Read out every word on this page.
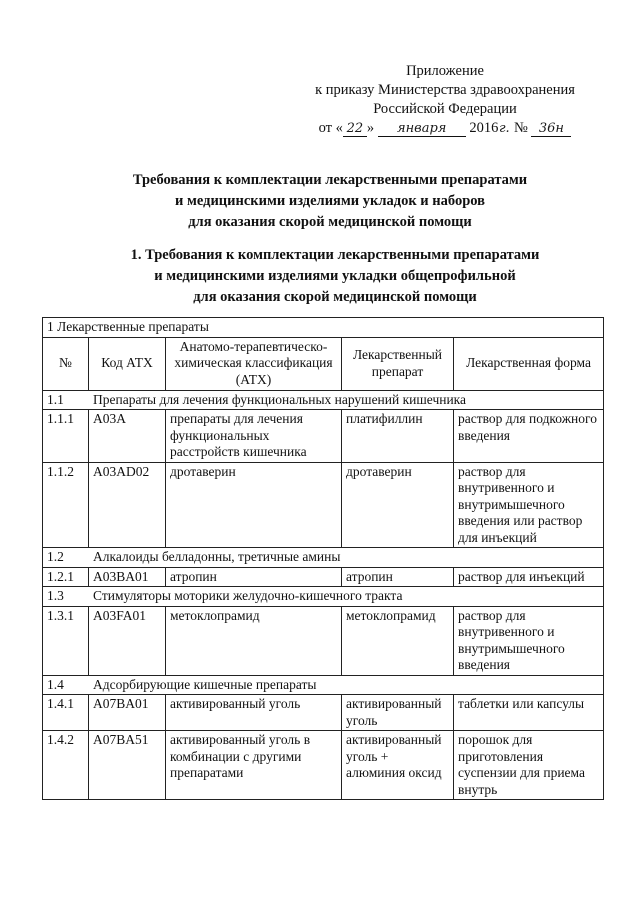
Приложение
к приказу Министерства здравоохранения
Российской Федерации
от « 22 » января 2016г. № 36н
Требования к комплектации лекарственными препаратами
и медицинскими изделиями укладок и наборов
для оказания скорой медицинской помощи
1. Требования к комплектации лекарственными препаратами
и медицинскими изделиями укладки общепрофильной
для оказания скорой медицинской помощи
1 Лекарственные препараты				
№	Код АТХ	Анатомо-терапевтическо-химическая классификация (АТХ)	Лекарственный препарат	Лекарственная форма
1.1 Препараты для лечения функциональных нарушений кишечника				
1.1.1	A03A	препараты для лечения функциональных расстройств кишечника	платифиллин	раствор для подкожного введения
1.1.2	A03AD02	дротаверин	дротаверин	раствор для внутривенного и внутримышечного введения или раствор для инъекций
1.2 Алкалоиды белладонны, третичные амины				
1.2.1	A03BA01	атропин	атропин	раствор для инъекций
1.3 Стимуляторы моторики желудочно-кишечного тракта				
1.3.1	A03FA01	метоклопрамид	метоклопрамид	раствор для внутривенного и внутримышечного введения
1.4 Адсорбирующие кишечные препараты				
1.4.1	A07BA01	активированный уголь	активированный уголь	таблетки или капсулы
1.4.2	A07BA51	активированный уголь в комбинации с другими препаратами	активированный уголь + алюминия оксид	порошок для приготовления суспензии для приема внутрь
